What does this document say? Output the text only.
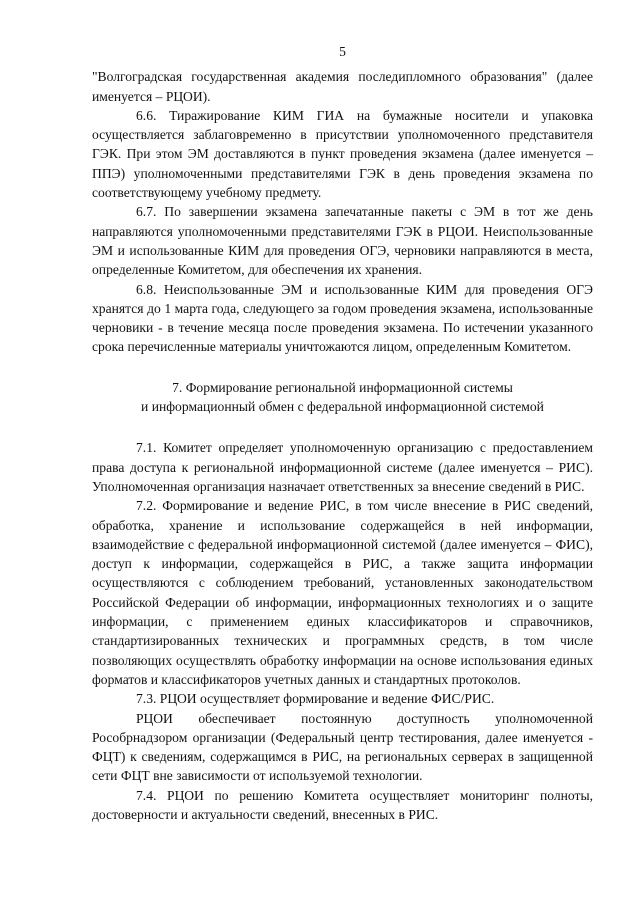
5

"Волгоградская государственная академия последипломного образования" (далее именуется – РЦОИ).

6.6. Тиражирование КИМ ГИА на бумажные носители и упаковка осуществляется заблаговременно в присутствии уполномоченного представителя ГЭК. При этом ЭМ доставляются в пункт проведения экзамена (далее именуется – ППЭ) уполномоченными представителями ГЭК в день проведения экзамена по соответствующему учебному предмету.

6.7. По завершении экзамена запечатанные пакеты с ЭМ в тот же день направляются уполномоченными представителями ГЭК в РЦОИ. Неиспользованные ЭМ и использованные КИМ для проведения ОГЭ, черновики направляются в места, определенные Комитетом, для обеспечения их хранения.

6.8. Неиспользованные ЭМ и использованные КИМ для проведения ОГЭ хранятся до 1 марта года, следующего за годом проведения экзамена, использованные черновики - в течение месяца после проведения экзамена. По истечении указанного срока перечисленные материалы уничтожаются лицом, определенным Комитетом.

7. Формирование региональной информационной системы
и информационный обмен с федеральной информационной системой

7.1. Комитет определяет уполномоченную организацию с предоставлением права доступа к региональной информационной системе (далее именуется – РИС). Уполномоченная организация назначает ответственных за внесение сведений в РИС.

7.2. Формирование и ведение РИС, в том числе внесение в РИС сведений, обработка, хранение и использование содержащейся в ней информации, взаимодействие с федеральной информационной системой (далее именуется – ФИС), доступ к информации, содержащейся в РИС, а также защита информации осуществляются с соблюдением требований, установленных законодательством Российской Федерации об информации, информационных технологиях и о защите информации, с применением единых классификаторов и справочников, стандартизированных технических и программных средств, в том числе позволяющих осуществлять обработку информации на основе использования единых форматов и классификаторов учетных данных и стандартных протоколов.

7.3. РЦОИ осуществляет формирование и ведение ФИС/РИС.

РЦОИ обеспечивает постоянную доступность уполномоченной Рособрнадзором организации (Федеральный центр тестирования, далее именуется - ФЦТ) к сведениям, содержащимся в РИС, на региональных серверах в защищенной сети ФЦТ вне зависимости от используемой технологии.

7.4. РЦОИ по решению Комитета осуществляет мониторинг полноты, достоверности и актуальности сведений, внесенных в РИС.
